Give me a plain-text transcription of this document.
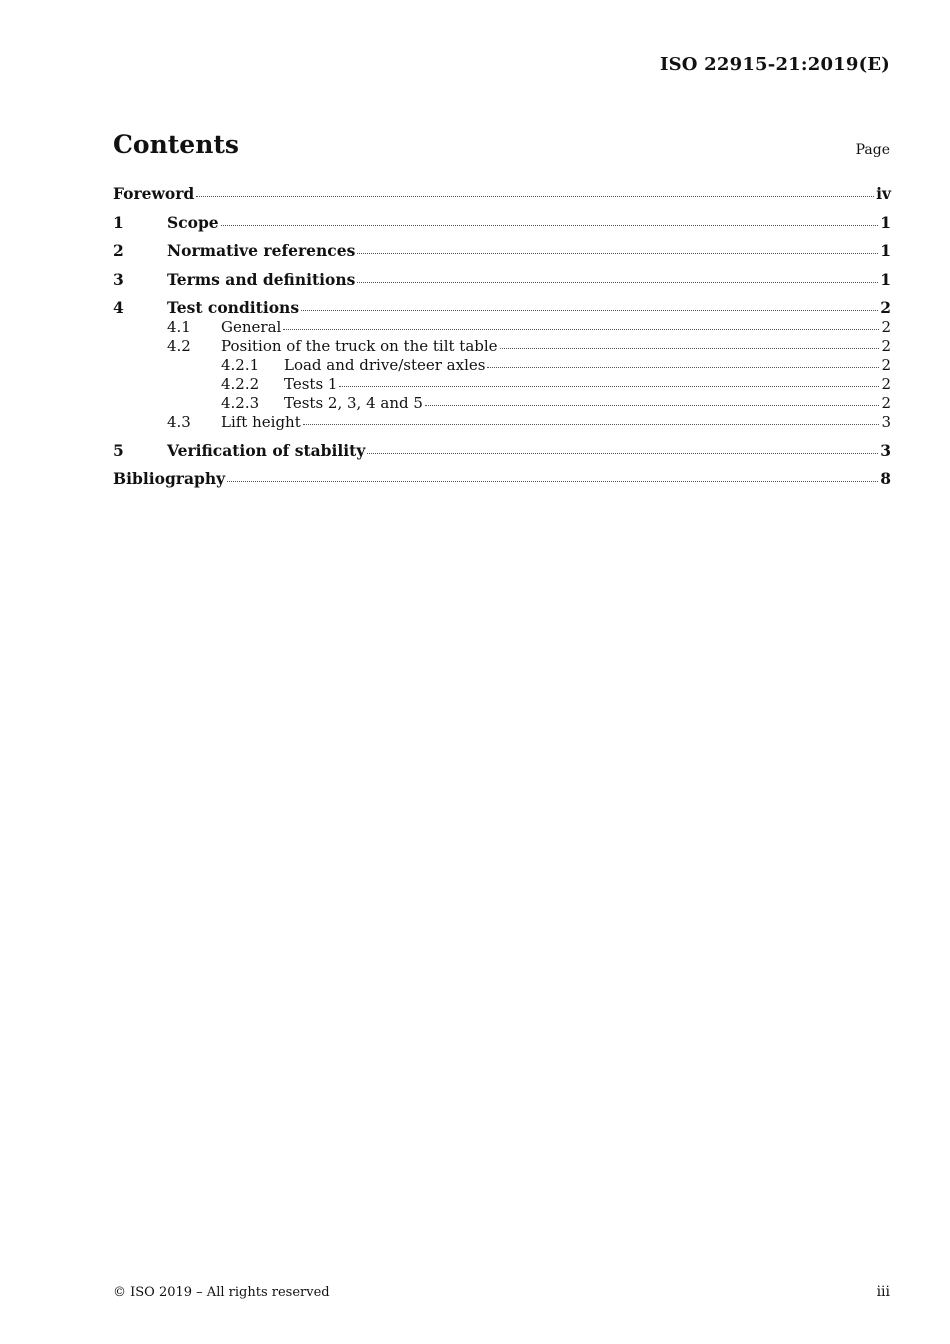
ISO 22915-21:2019(E)
Contents	Page
Foreword	iv
1	Scope	1
2	Normative references	1
3	Terms and definitions	1
4	Test conditions	2
4.1	General	2
4.2	Position of the truck on the tilt table	2
4.2.1	Load and drive/steer axles	2
4.2.2	Tests 1	2
4.2.3	Tests 2, 3, 4 and 5	2
4.3	Lift height	3
5	Verification of stability	3
Bibliography	8
© ISO 2019 – All rights reserved	iii
